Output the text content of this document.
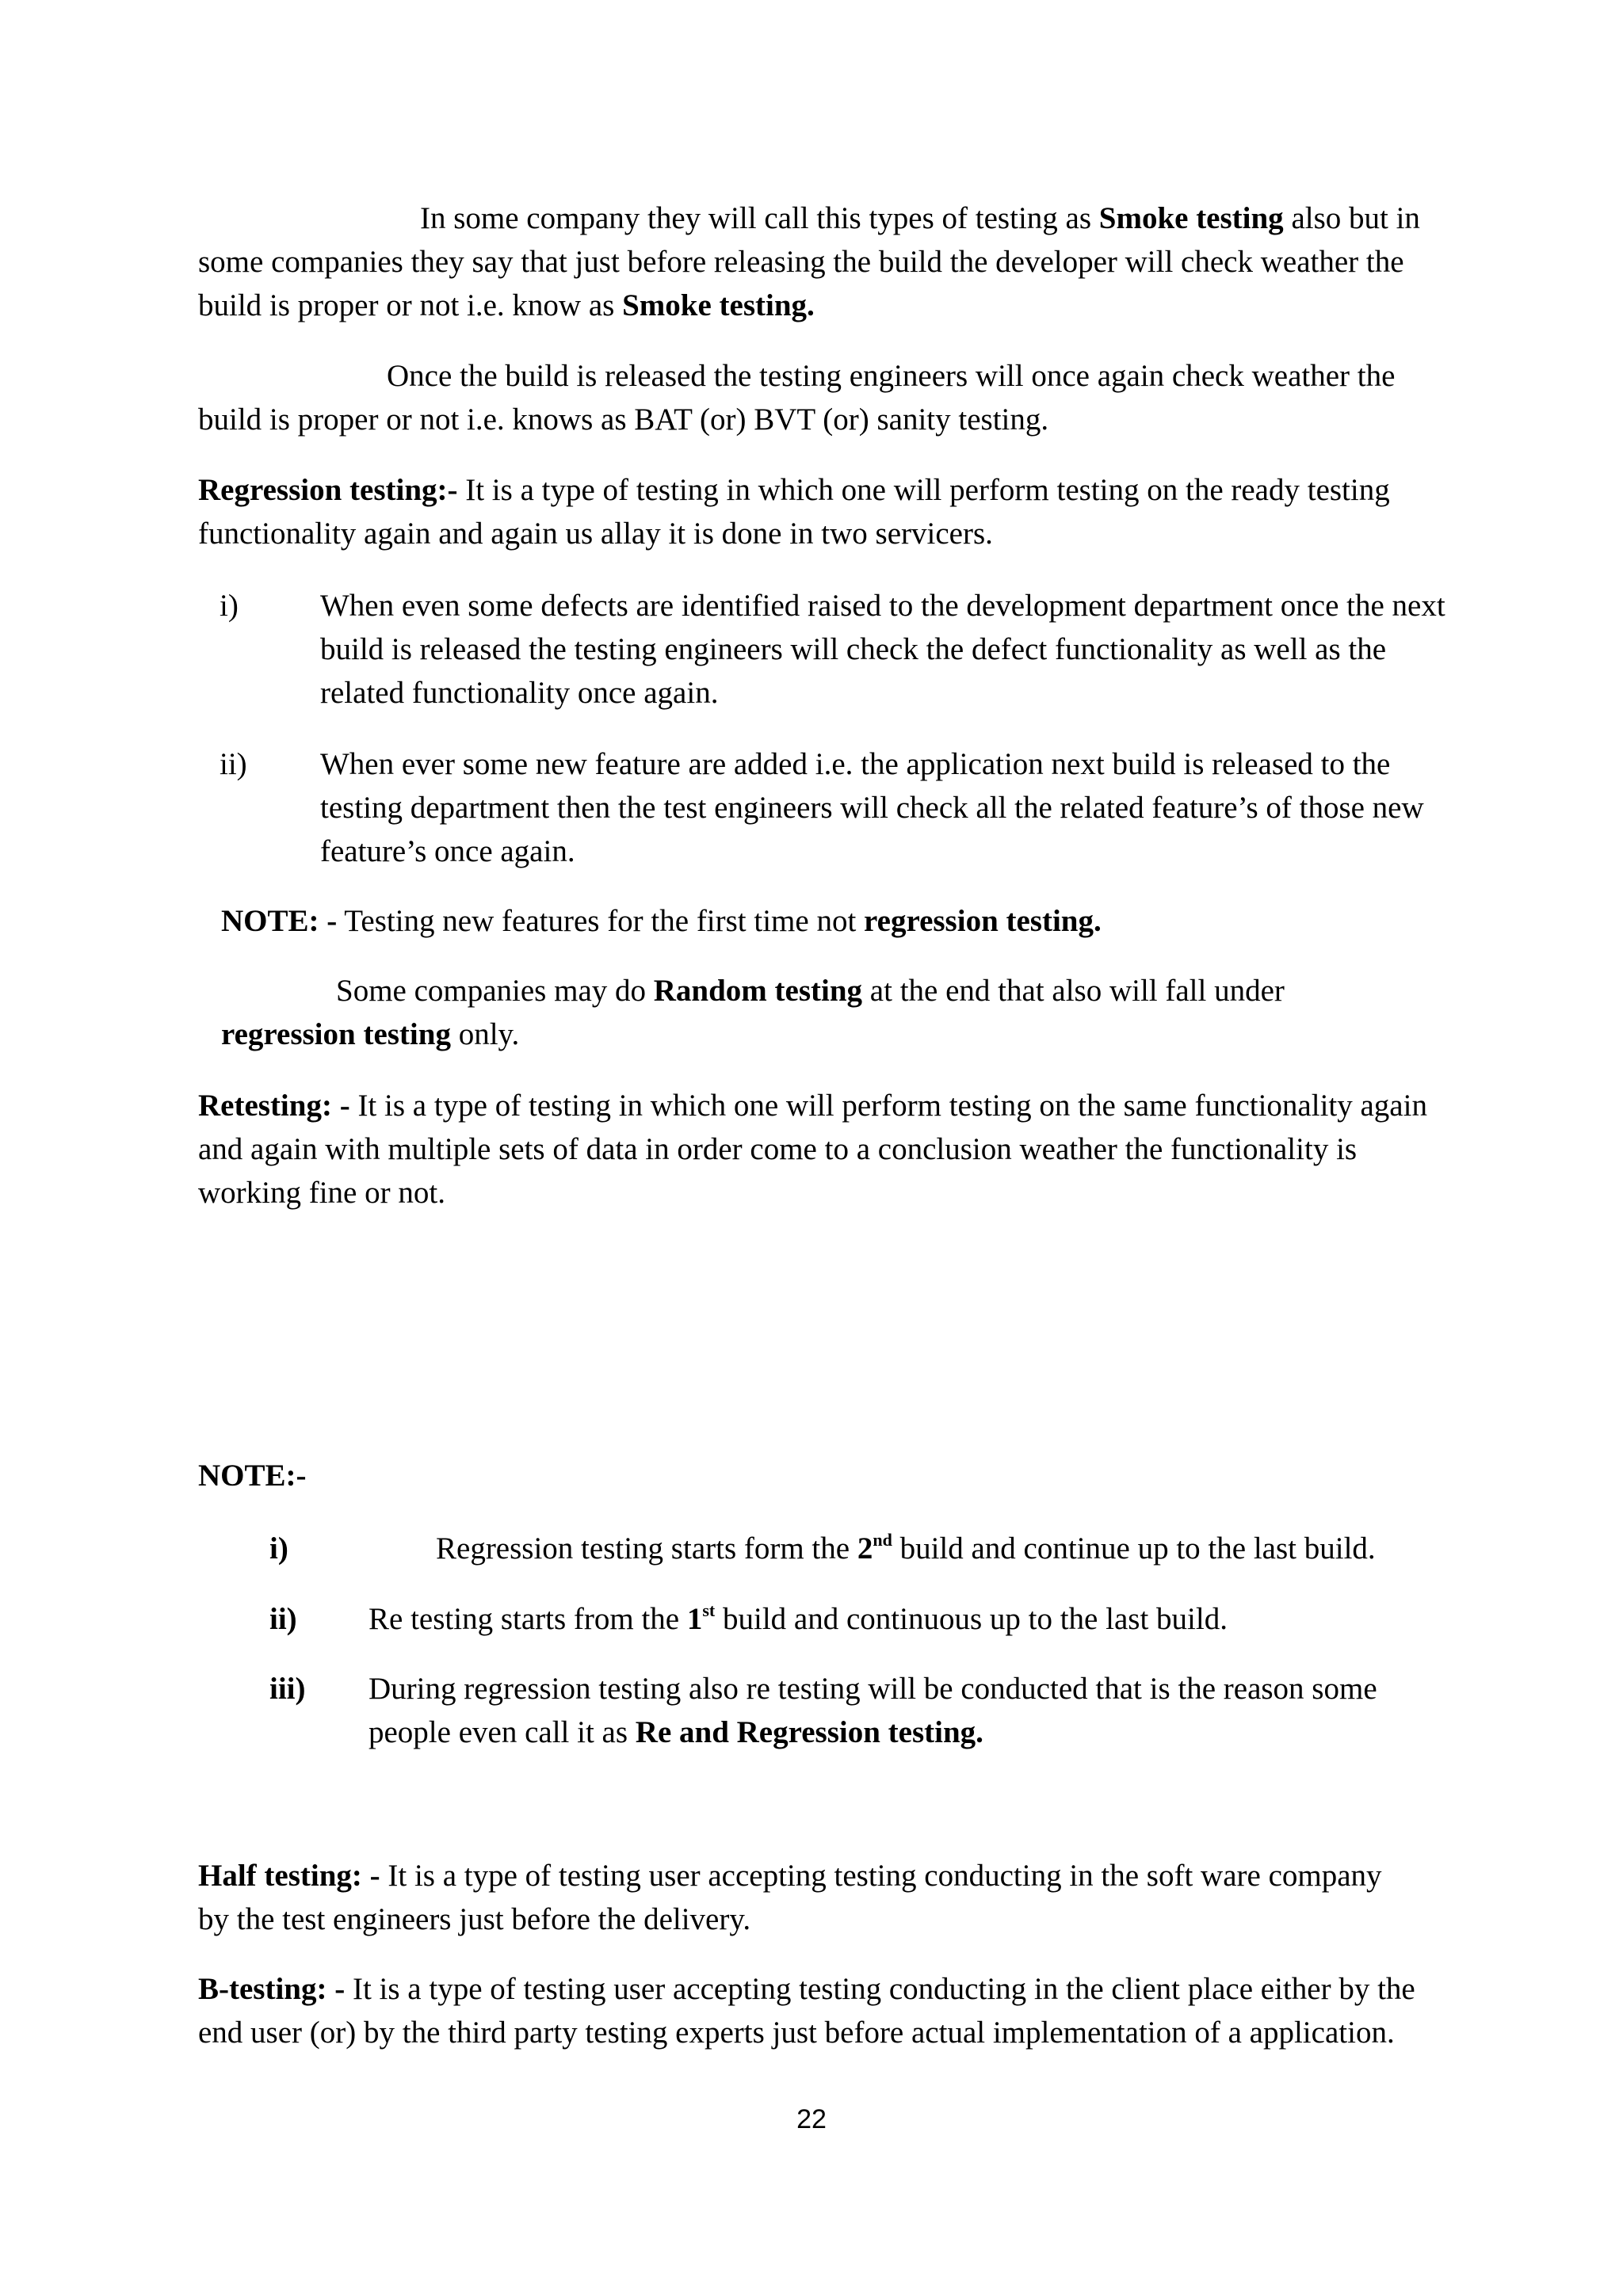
In some company they will call this types of testing as Smoke testing also but in some companies they say that just before releasing the build the developer will check weather the build is proper or not i.e. know as Smoke testing.

Once the build is released the testing engineers will once again check weather the build is proper or not i.e. knows as BAT (or) BVT (or) sanity testing.

Regression testing:- It is a type of testing in which one will perform testing on the ready testing functionality again and again us allay it is done in two servicers.

i)	When even some defects are identified raised to the development department once the next build is released the testing engineers will check the defect functionality as well as the related functionality once again.
ii) When ever some new feature are added i.e. the application next build is released to the testing department then the test engineers will check all the related feature’s of those new feature’s once again.

NOTE: - Testing new features for the first time not regression testing.

Some companies may do Random testing at the end that also will fall under regression testing only.

Retesting: - It is a type of testing in which one will perform testing on the same functionality again and again with multiple sets of data in order come to a conclusion weather the functionality is working fine or not.

NOTE:-

i)	Regression testing starts form the 2nd build and continue up to the last build.
ii) Re testing starts from the 1st build and continuous up to the last build.
iii) During regression testing also re testing will be conducted that is the reason some people even call it as Re and Regression testing.

Half testing: - It is a type of testing user accepting testing conducting in the soft ware company by the test engineers just before the delivery.

B-testing: - It is a type of testing user accepting testing conducting in the client place either by the end user (or) by the third party testing experts just before actual implementation of a application.

22
